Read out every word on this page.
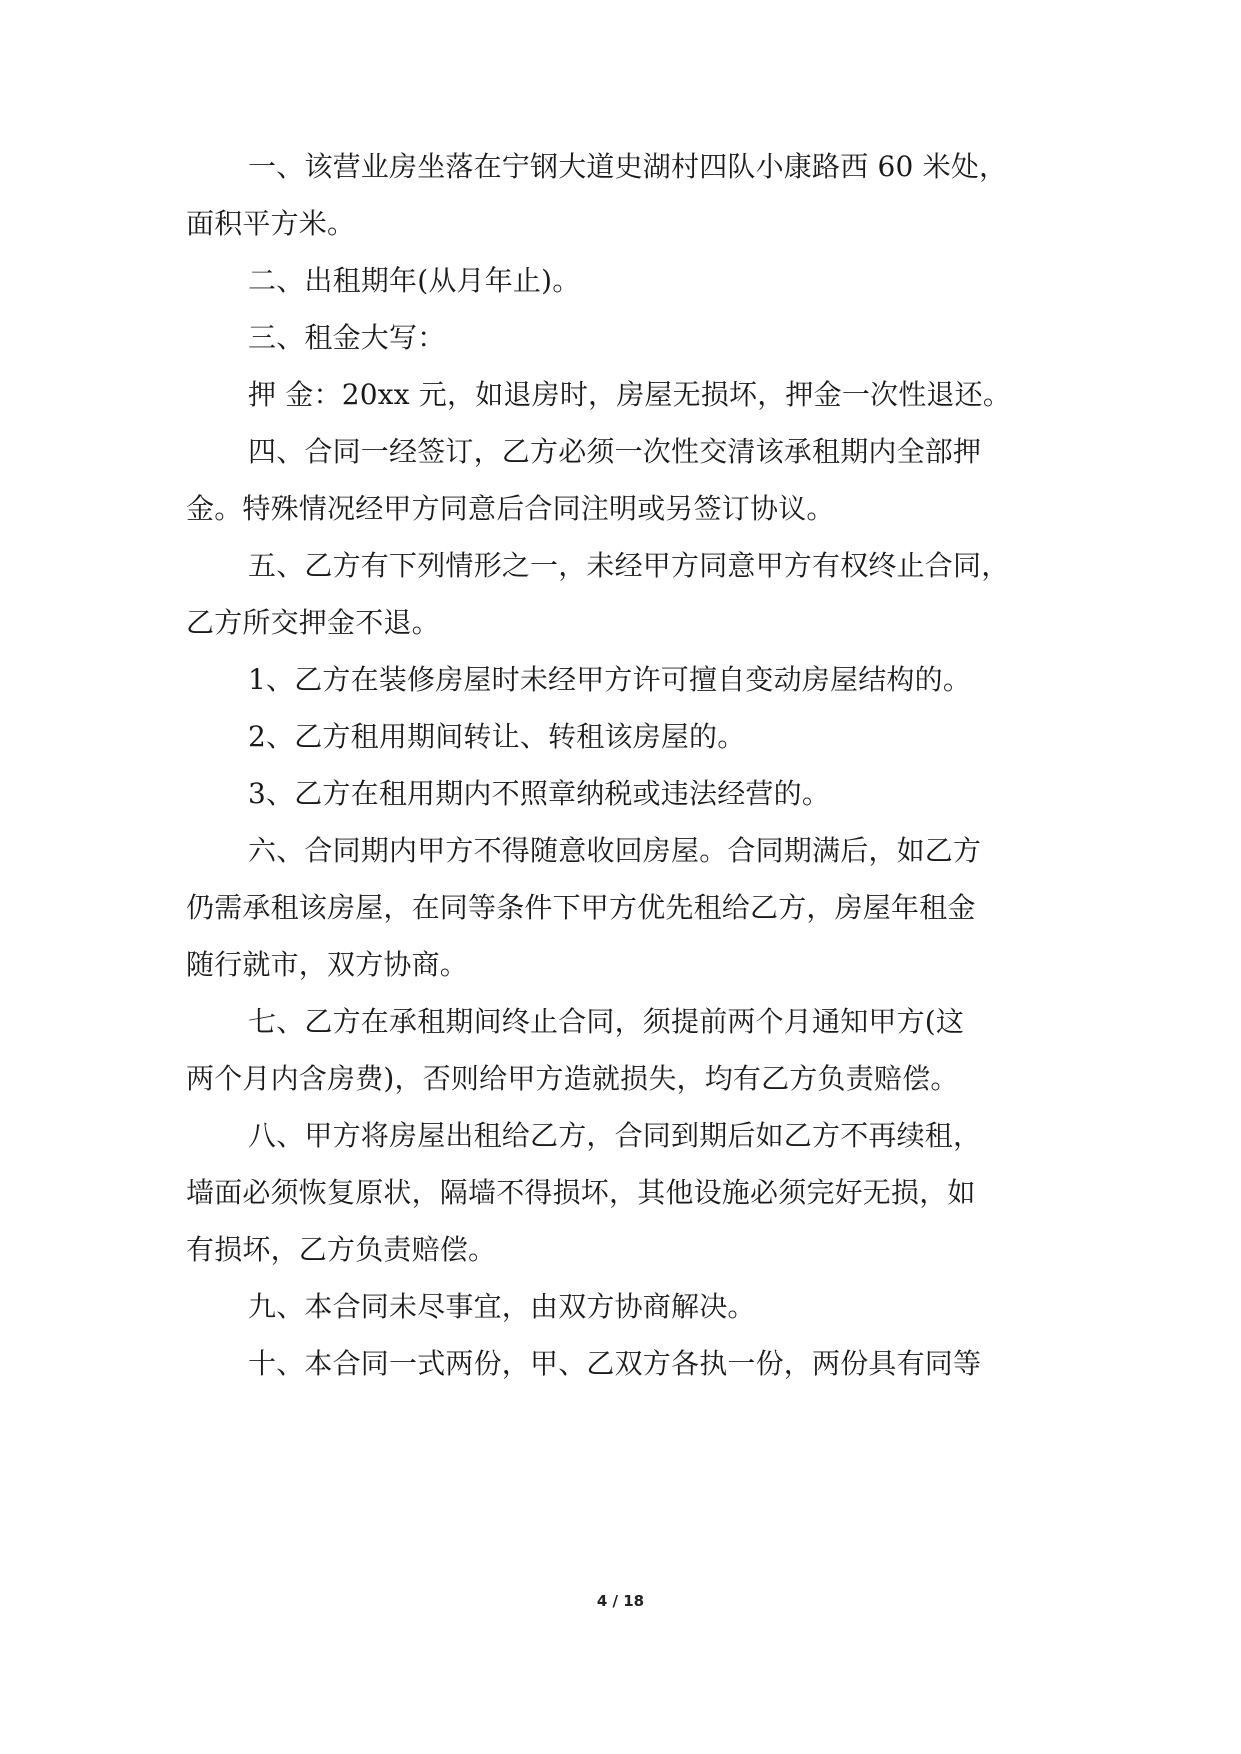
一、该营业房坐落在宁钢大道史湖村四队小康路西 60 米处，
面积平方米。
二、出租期年(从月年止)。
三、租金大写：
押 金：20xx 元，如退房时，房屋无损坏，押金一次性退还。
四、合同一经签订，乙方必须一次性交清该承租期内全部押
金。特殊情况经甲方同意后合同注明或另签订协议。
五、乙方有下列情形之一，未经甲方同意甲方有权终止合同，
乙方所交押金不退。
1、乙方在装修房屋时未经甲方许可擅自变动房屋结构的。
2、乙方租用期间转让、转租该房屋的。
3、乙方在租用期内不照章纳税或违法经营的。
六、合同期内甲方不得随意收回房屋。合同期满后，如乙方
仍需承租该房屋，在同等条件下甲方优先租给乙方，房屋年租金
随行就市，双方协商。
七、乙方在承租期间终止合同，须提前两个月通知甲方(这
两个月内含房费)，否则给甲方造就损失，均有乙方负责赔偿。
八、甲方将房屋出租给乙方，合同到期后如乙方不再续租，
墙面必须恢复原状，隔墙不得损坏，其他设施必须完好无损，如
有损坏，乙方负责赔偿。
九、本合同未尽事宜，由双方协商解决。
十、本合同一式两份，甲、乙双方各执一份，两份具有同等
4 / 18
